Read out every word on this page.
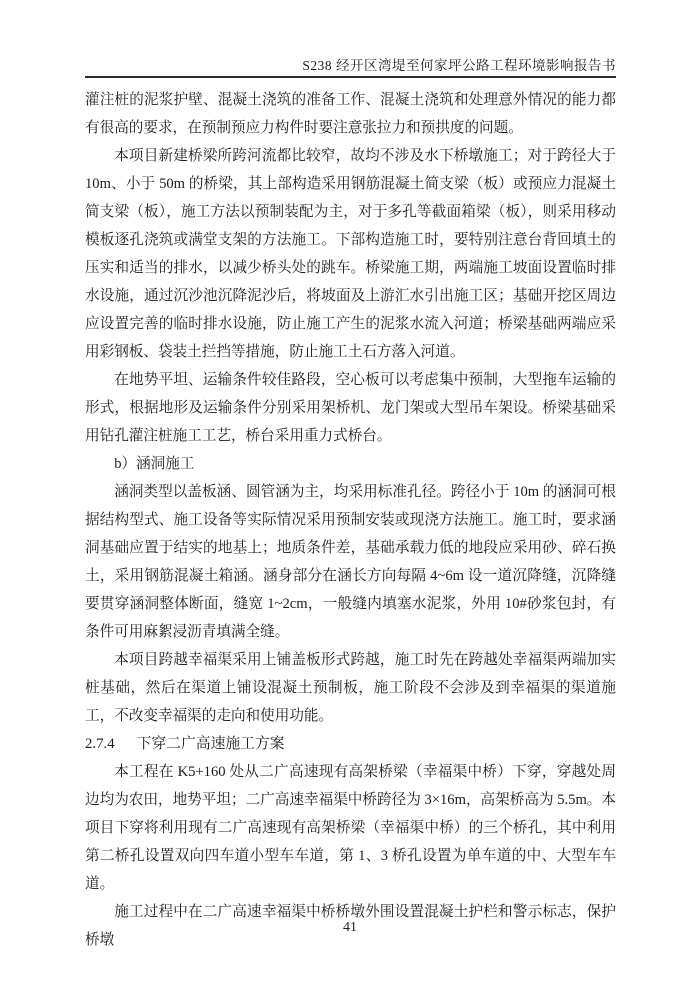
S238 经开区湾堤至何家坪公路工程环境影响报告书

灌注桩的泥浆护壁、混凝土浇筑的准备工作、混凝土浇筑和处理意外情况的能力都有很高的要求，在预制预应力构件时要注意张拉力和预拱度的问题。

本项目新建桥梁所跨河流都比较窄，故均不涉及水下桥墩施工；对于跨径大于 10m、小于 50m 的桥梁，其上部构造采用钢筋混凝土简支梁（板）或预应力混凝土简支梁（板），施工方法以预制装配为主，对于多孔等截面箱梁（板），则采用移动模板逐孔浇筑或满堂支架的方法施工。下部构造施工时，要特别注意台背回填土的压实和适当的排水，以减少桥头处的跳车。桥梁施工期，两端施工坡面设置临时排水设施，通过沉沙池沉降泥沙后，将坡面及上游汇水引出施工区；基础开挖区周边应设置完善的临时排水设施，防止施工产生的泥浆水流入河道；桥梁基础两端应采用彩钢板、袋装土拦挡等措施，防止施工土石方落入河道。

在地势平坦、运输条件较佳路段，空心板可以考虑集中预制，大型拖车运输的形式，根据地形及运输条件分别采用架桥机、龙门架或大型吊车架设。桥梁基础采用钻孔灌注桩施工工艺，桥台采用重力式桥台。

b）涵洞施工

涵洞类型以盖板涵、圆管涵为主，均采用标准孔径。跨径小于 10m 的涵洞可根据结构型式、施工设备等实际情况采用预制安装或现浇方法施工。施工时，要求涵洞基础应置于结实的地基上；地质条件差，基础承载力低的地段应采用砂、碎石换土，采用钢筋混凝土箱涵。涵身部分在涵长方向每隔 4~6m 设一道沉降缝，沉降缝要贯穿涵洞整体断面，缝宽 1~2cm，一般缝内填塞水泥浆，外用 10#砂浆包封，有条件可用麻絮浸沥青填满全缝。

本项目跨越幸福渠采用上铺盖板形式跨越，施工时先在跨越处幸福渠两端加实桩基础，然后在渠道上铺设混凝土预制板，施工阶段不会涉及到幸福渠的渠道施工，不改变幸福渠的走向和使用功能。

2.7.4 下穿二广高速施工方案

本工程在 K5+160 处从二广高速现有高架桥梁（幸福渠中桥）下穿，穿越处周边均为农田，地势平坦；二广高速幸福渠中桥跨径为 3×16m，高架桥高为 5.5m。本项目下穿将利用现有二广高速现有高架桥梁（幸福渠中桥）的三个桥孔，其中利用第二桥孔设置双向四车道小型车车道，第 1、3 桥孔设置为单车道的中、大型车车道。

施工过程中在二广高速幸福渠中桥桥墩外围设置混凝土护栏和警示标志，保护桥墩

41
